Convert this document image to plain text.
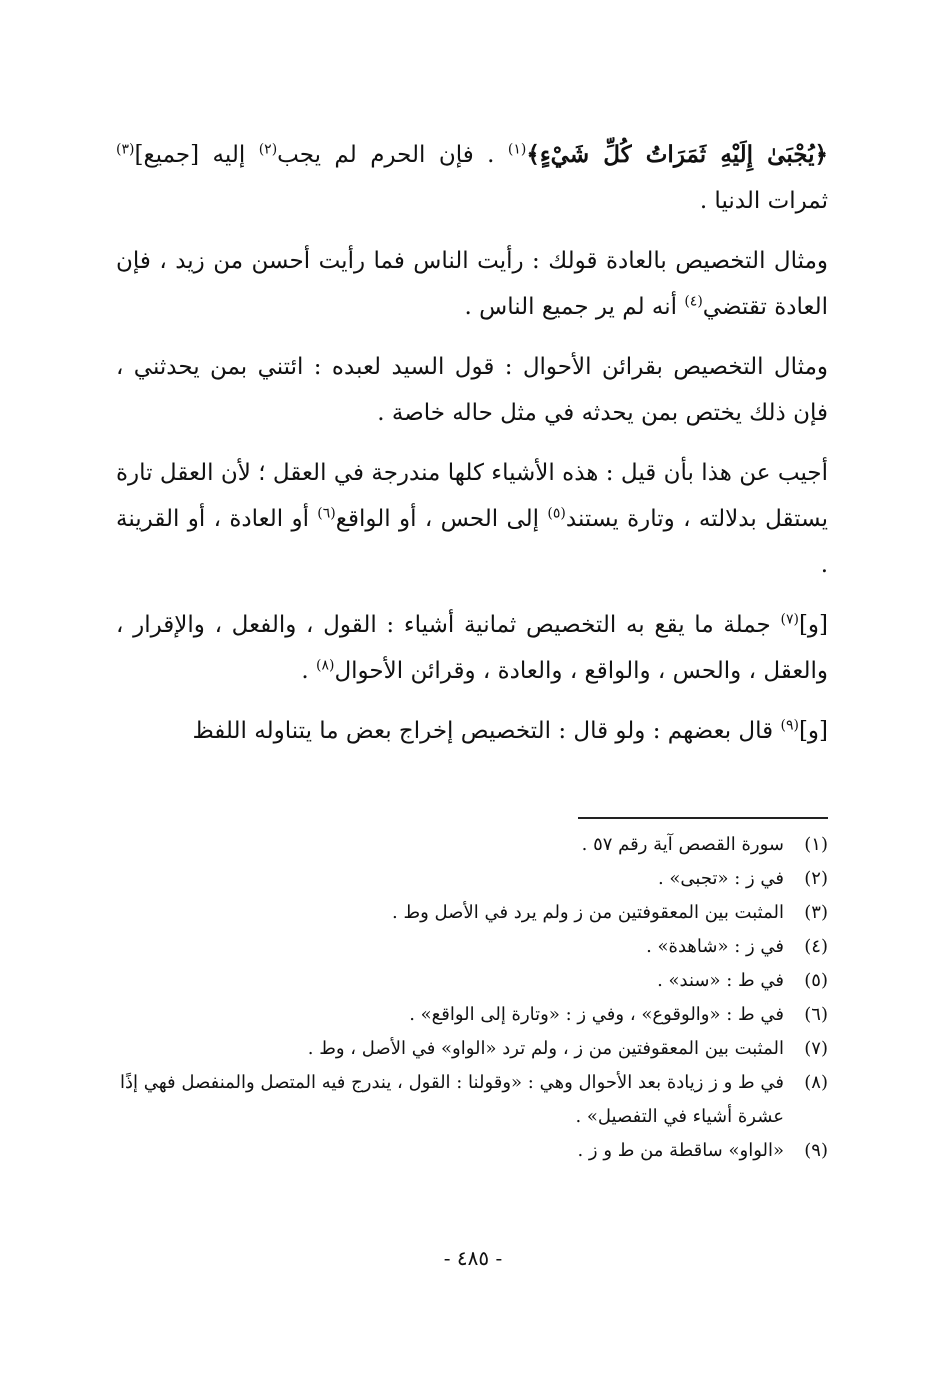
﴿يُجْبَىٰ إِلَيْهِ ثَمَرَاتُ كُلِّ شَيْءٍ﴾$^{(١)}$ . فإن الحرم لم يجب$^{(٢)}$ إليه [جميع]$^{(٣)}$ ثمرات الدنيا .

ومثال التخصيص بالعادة قولك : رأيت الناس فما رأيت أحسن من زيد ، فإن العادة تقتضي$^{(٤)}$ أنه لم ير جميع الناس .

ومثال التخصيص بقرائن الأحوال : قول السيد لعبده : ائتني بمن يحدثني ، فإن ذلك يختص بمن يحدثه في مثل حاله خاصة .

أجيب عن هذا بأن قيل : هذه الأشياء كلها مندرجة في العقل ؛ لأن العقل تارة يستقل بدلالته ، وتارة يستند$^{(٥)}$ إلى الحس ، أو الواقع$^{(٦)}$ أو العادة ، أو القرينة .

[و]$^{(٧)}$ جملة ما يقع به التخصيص ثمانية أشياء : القول ، والفعل ، والإقرار ، والعقل ، والحس ، والواقع ، والعادة ، وقرائن الأحوال$^{(٨)}$ .

[و]$^{(٩)}$ قال بعضهم : ولو قال : التخصيص إخراج بعض ما يتناوله اللفظ

(١)
سورة القصص آية رقم ٥٧ .
(٢)
في ز : «تجبى» .
(٣)
المثبت بين المعقوفتين من ز ولم يرد في الأصل وط .
(٤)
في ز : «شاهدة» .
(٥)
في ط : «سند» .
(٦)
في ط : «والوقوع» ، وفي ز : «وتارة إلى الواقع» .
(٧)
المثبت بين المعقوفتين من ز ، ولم ترد «الواو» في الأصل ، وط .
(٨)
في ط و ز زيادة بعد الأحوال وهي : «وقولنا : القول ، يندرج فيه المتصل والمنفصل فهي إذًا عشرة أشياء في التفصيل» .
(٩)
«الواو» ساقطة من ط و ز .
- ٤٨٥ -
